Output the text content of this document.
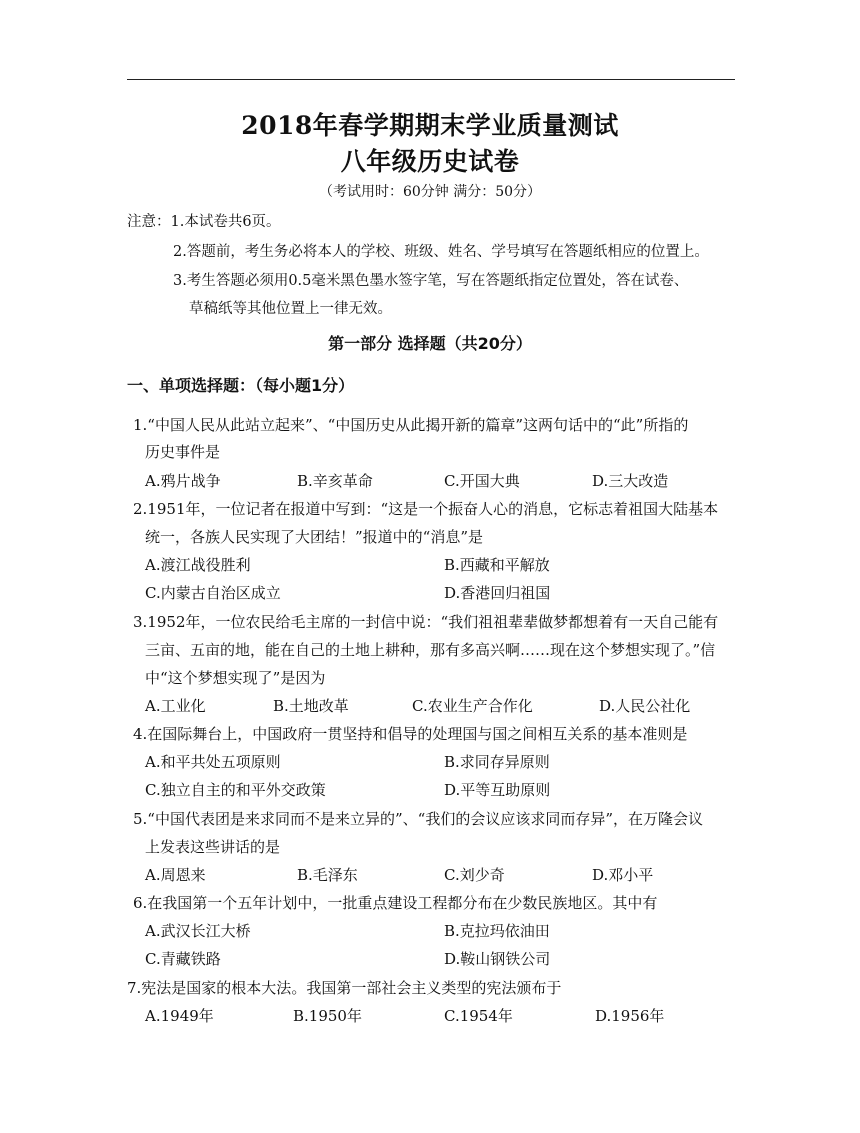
2018年春学期期末学业质量测试
八年级历史试卷
（考试用时：60分钟 满分：50分）
注意：1.本试卷共6页。
2.答题前，考生务必将本人的学校、班级、姓名、学号填写在答题纸相应的位置上。
3.考生答题必须用0.5毫米黑色墨水签字笔，写在答题纸指定位置处，答在试卷、
草稿纸等其他位置上一律无效。
第一部分 选择题（共20分）
一、单项选择题：（每小题1分）
1.“中国人民从此站立起来”、“中国历史从此揭开新的篇章”这两句话中的“此”所指的
历史事件是
A.鸦片战争	B.辛亥革命	C.开国大典	D.三大改造
2.1951年，一位记者在报道中写到：“这是一个振奋人心的消息，它标志着祖国大陆基本
统一，各族人民实现了大团结！”报道中的“消息”是
A.渡江战役胜利	B.西藏和平解放
C.内蒙古自治区成立	D.香港回归祖国
3.1952年，一位农民给毛主席的一封信中说：“我们祖祖辈辈做梦都想着有一天自己能有
三亩、五亩的地，能在自己的土地上耕种，那有多高兴啊……现在这个梦想实现了。”信
中“这个梦想实现了”是因为
A.工业化	B.土地改革	C.农业生产合作化	D.人民公社化
4.在国际舞台上，中国政府一贯坚持和倡导的处理国与国之间相互关系的基本准则是
A.和平共处五项原则	B.求同存异原则
C.独立自主的和平外交政策	D.平等互助原则
5.“中国代表团是来求同而不是来立异的”、“我们的会议应该求同而存异”，在万隆会议
上发表这些讲话的是
A.周恩来	B.毛泽东	C.刘少奇	D.邓小平
6.在我国第一个五年计划中，一批重点建设工程都分布在少数民族地区。其中有
A.武汉长江大桥	B.克拉玛依油田
C.青藏铁路	D.鞍山钢铁公司
7.宪法是国家的根本大法。我国第一部社会主义类型的宪法颁布于
A.1949年	B.1950年	C.1954年	D.1956年
